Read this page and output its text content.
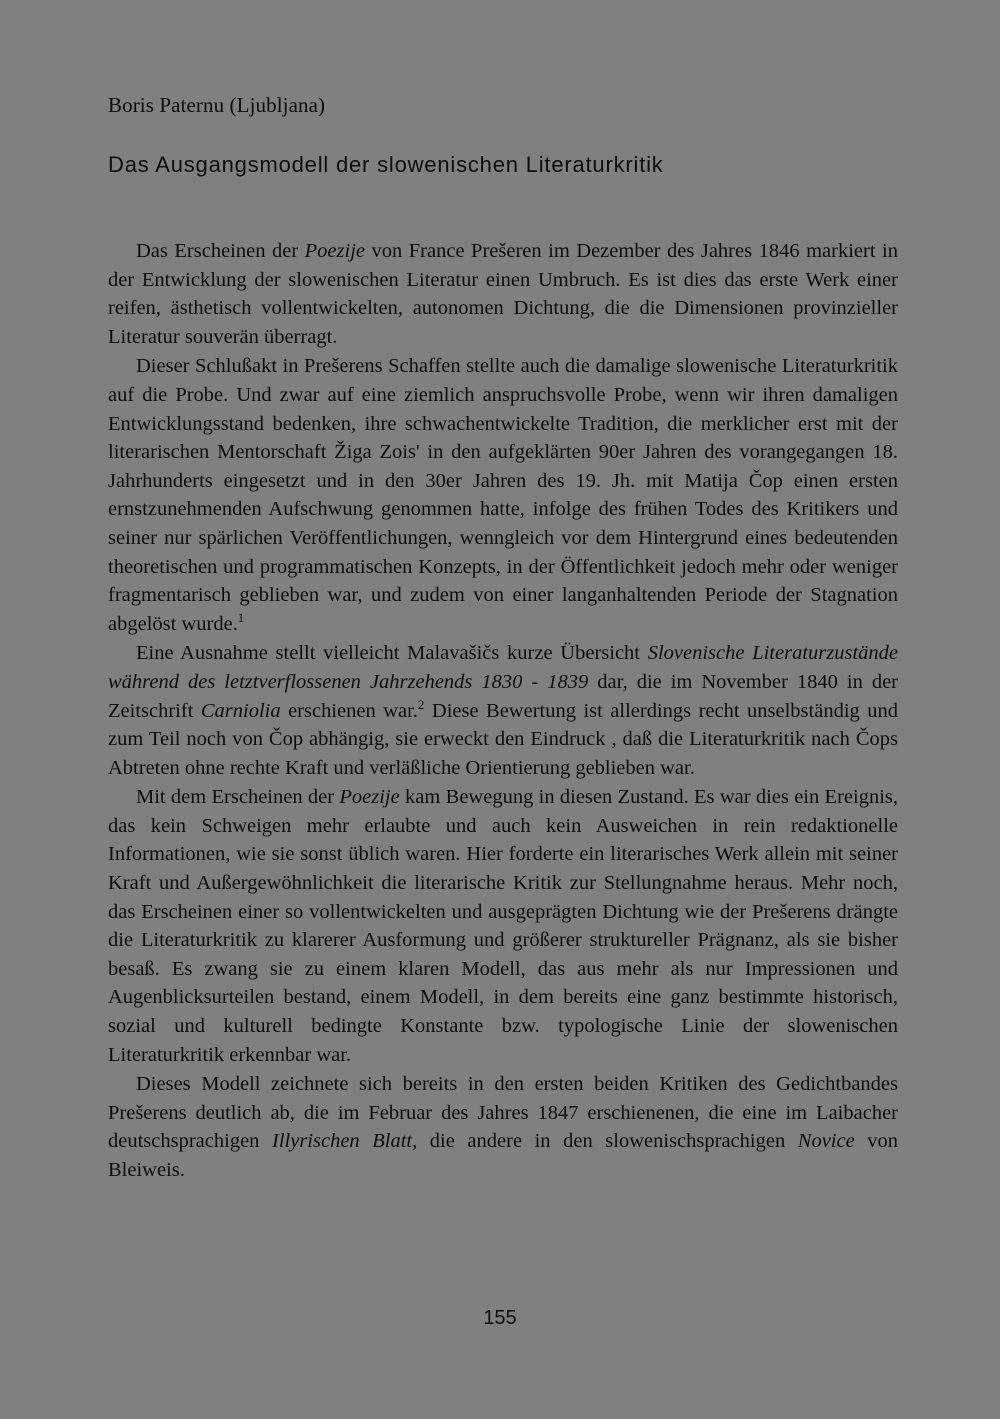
Boris Paternu (Ljubljana)
Das Ausgangsmodell der slowenischen Literaturkritik

Das Erscheinen der Poezije von France Prešeren im Dezember des Jahres 1846 markiert in der Entwicklung der slowenischen Literatur einen Umbruch. Es ist dies das erste Werk einer reifen, ästhetisch vollentwickelten, autonomen Dichtung, die die Dimensionen provinzieller Literatur souverän überragt.

Dieser Schlußakt in Prešerens Schaffen stellte auch die damalige slowenische Literaturkritik auf die Probe. Und zwar auf eine ziemlich anspruchsvolle Probe, wenn wir ihren damaligen Entwicklungsstand bedenken, ihre schwachentwickelte Tradition, die merklicher erst mit der literarischen Mentorschaft Žiga Zois' in den aufgeklärten 90er Jahren des vorangegangen 18. Jahrhunderts eingesetzt und in den 30er Jahren des 19. Jh. mit Matija Čop einen ersten ernstzunehmenden Aufschwung genommen hatte, infolge des frühen Todes des Kritikers und seiner nur spärlichen Veröffentlichungen, wenngleich vor dem Hintergrund eines bedeutenden theoretischen und programmatischen Konzepts, in der Öffentlichkeit jedoch mehr oder weniger fragmentarisch geblieben war, und zudem von einer langanhaltenden Periode der Stagnation abgelöst wurde.$^1$

Eine Ausnahme stellt vielleicht Malavašičs kurze Übersicht Slovenische Literaturzustände während des letztverflossenen Jahrzehends 1830 - 1839 dar, die im November 1840 in der Zeitschrift Carniolia erschienen war.$^2$ Diese Bewertung ist allerdings recht unselbständig und zum Teil noch von Čop abhängig, sie erweckt den Eindruck , daß die Literaturkritik nach Čops Abtreten ohne rechte Kraft und verläßliche Orientierung geblieben war.

Mit dem Erscheinen der Poezije kam Bewegung in diesen Zustand. Es war dies ein Ereignis, das kein Schweigen mehr erlaubte und auch kein Ausweichen in rein redaktionelle Informationen, wie sie sonst üblich waren. Hier forderte ein literarisches Werk allein mit seiner Kraft und Außergewöhnlichkeit die literarische Kritik zur Stellungnahme heraus. Mehr noch, das Erscheinen einer so vollentwickelten und ausgeprägten Dichtung wie der Prešerens drängte die Literaturkritik zu klarerer Ausformung und größerer struktureller Prägnanz, als sie bisher besaß. Es zwang sie zu einem klaren Modell, das aus mehr als nur Impressionen und Augenblicksurteilen bestand, einem Modell, in dem bereits eine ganz bestimmte historisch, sozial und kulturell bedingte Konstante bzw. typologische Linie der slowenischen Literaturkritik erkennbar war.

Dieses Modell zeichnete sich bereits in den ersten beiden Kritiken des Gedichtbandes Prešerens deutlich ab, die im Februar des Jahres 1847 erschienenen, die eine im Laibacher deutschsprachigen Illyrischen Blatt, die andere in den slowenischsprachigen Novice von Bleiweis.

155
